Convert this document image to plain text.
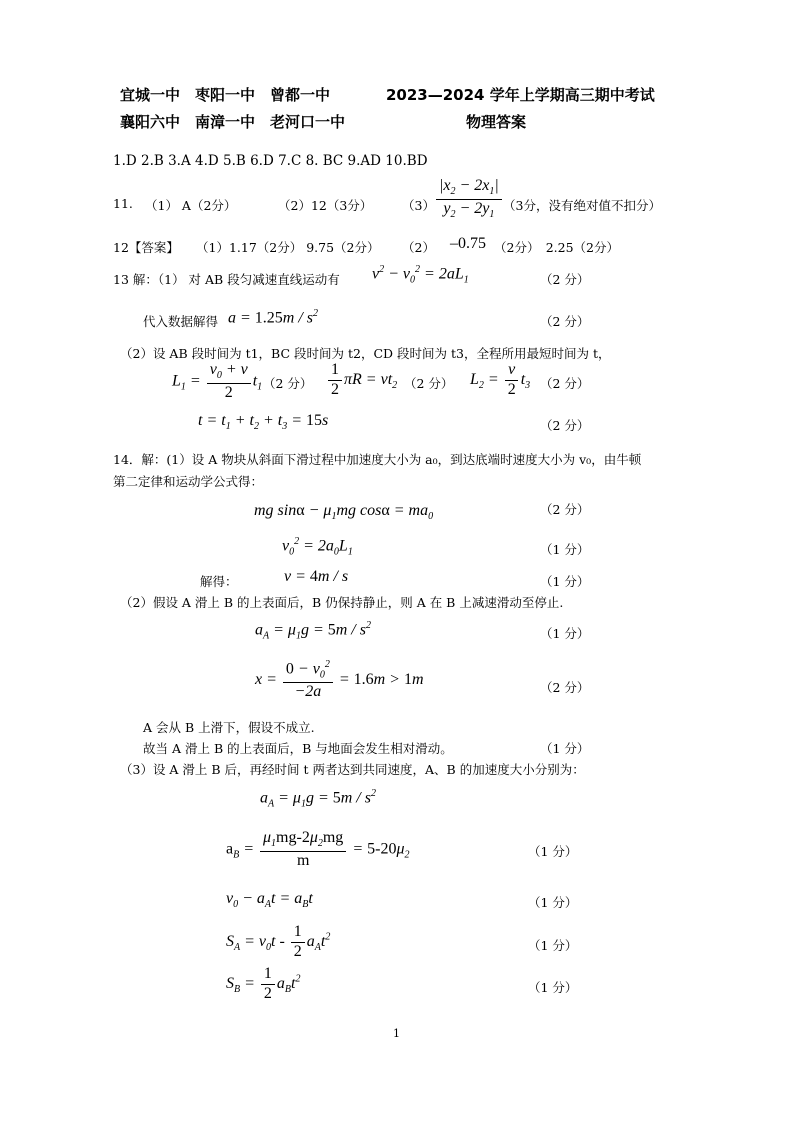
宜城一中　枣阳一中　曾都一中	2023—2024 学年上学期高三期中考试
襄阳六中　南漳一中　老河口一中	物理答案
1.D 2.B 3.A 4.D 5.B 6.D 7.C 8. BC 9.AD 10.BD
11. （1） A（2分）	（2）12（3分） $(3) \frac{|x_2 - 2x_1|}{y_2 - 2y_1} (3$分，没有绝对值不扣分）
12【答案】 （1）1.17（2分） 9.75（2分） （2） –0.75 （2分）　2.25（2分）
13 解：（1） 对 AB 段匀减速直线运动有 $v^2 - v_0^2 = 2aL_1$	（2 分）
代入数据解得 $a = 1.25m / s^2$
（2 分）
（2）设 AB 段时间为 t1，BC 段时间为 t2，CD 段时间为 t3，全程所用最短时间为 t，
$L_1 = \frac{v_0 + v}{2} t_1$ （2 分） $\frac{1}{2}$ $\pi R = vt_2$ （2 分） $L_2 = \frac{v}{2} t_3$ （2 分）
$t = t_1 + t_2 + t_3 = 15s$	（2 分）
14．解：(1）设 A 物块从斜面下滑过程中加速度大小为 a₀，到达底端时速度大小为 v₀，由牛顿
第二定律和运动学公式得：
mg $\sin\alpha - \mu_1mg$ $\cos\alpha = ma_0$	（2 分）
$v_0^2 = 2a_0L_1$	（1 分）
解得：	v = 4m / s	（1 分）
（2）假设 A 滑上 B 的上表面后，B 仍保持静止，则 A 在 B 上减速滑动至停止.
$a_A = \mu_1g = 5m / s^2$
（1 分）
$x = \frac{0 - v_0^2}{-2a} = 1.6m > 1m$	（2 分）
A 会从 B 上滑下，假设不成立.
故当 A 滑上 B 的上表面后，B 与地面会发生相对滑动。	（1 分）
（3）设 A 滑上 B 后，再经时间 t 两者达到共同速度，A、B 的加速度大小分别为：
$a_A = \mu_1g = 5m / s^2$
$a_B = \frac{\mu_1mg-2\mu_2mg}{m} = 5-20\mu_2$	（1 分）
$v_0 - a_At = a_Bt$	（1 分）
$S_A = v_0t - \frac{1}{2} a_At^2$
（1 分）
$S_B = \frac{1}{2} a_Bt^2$
（1 分）
1
